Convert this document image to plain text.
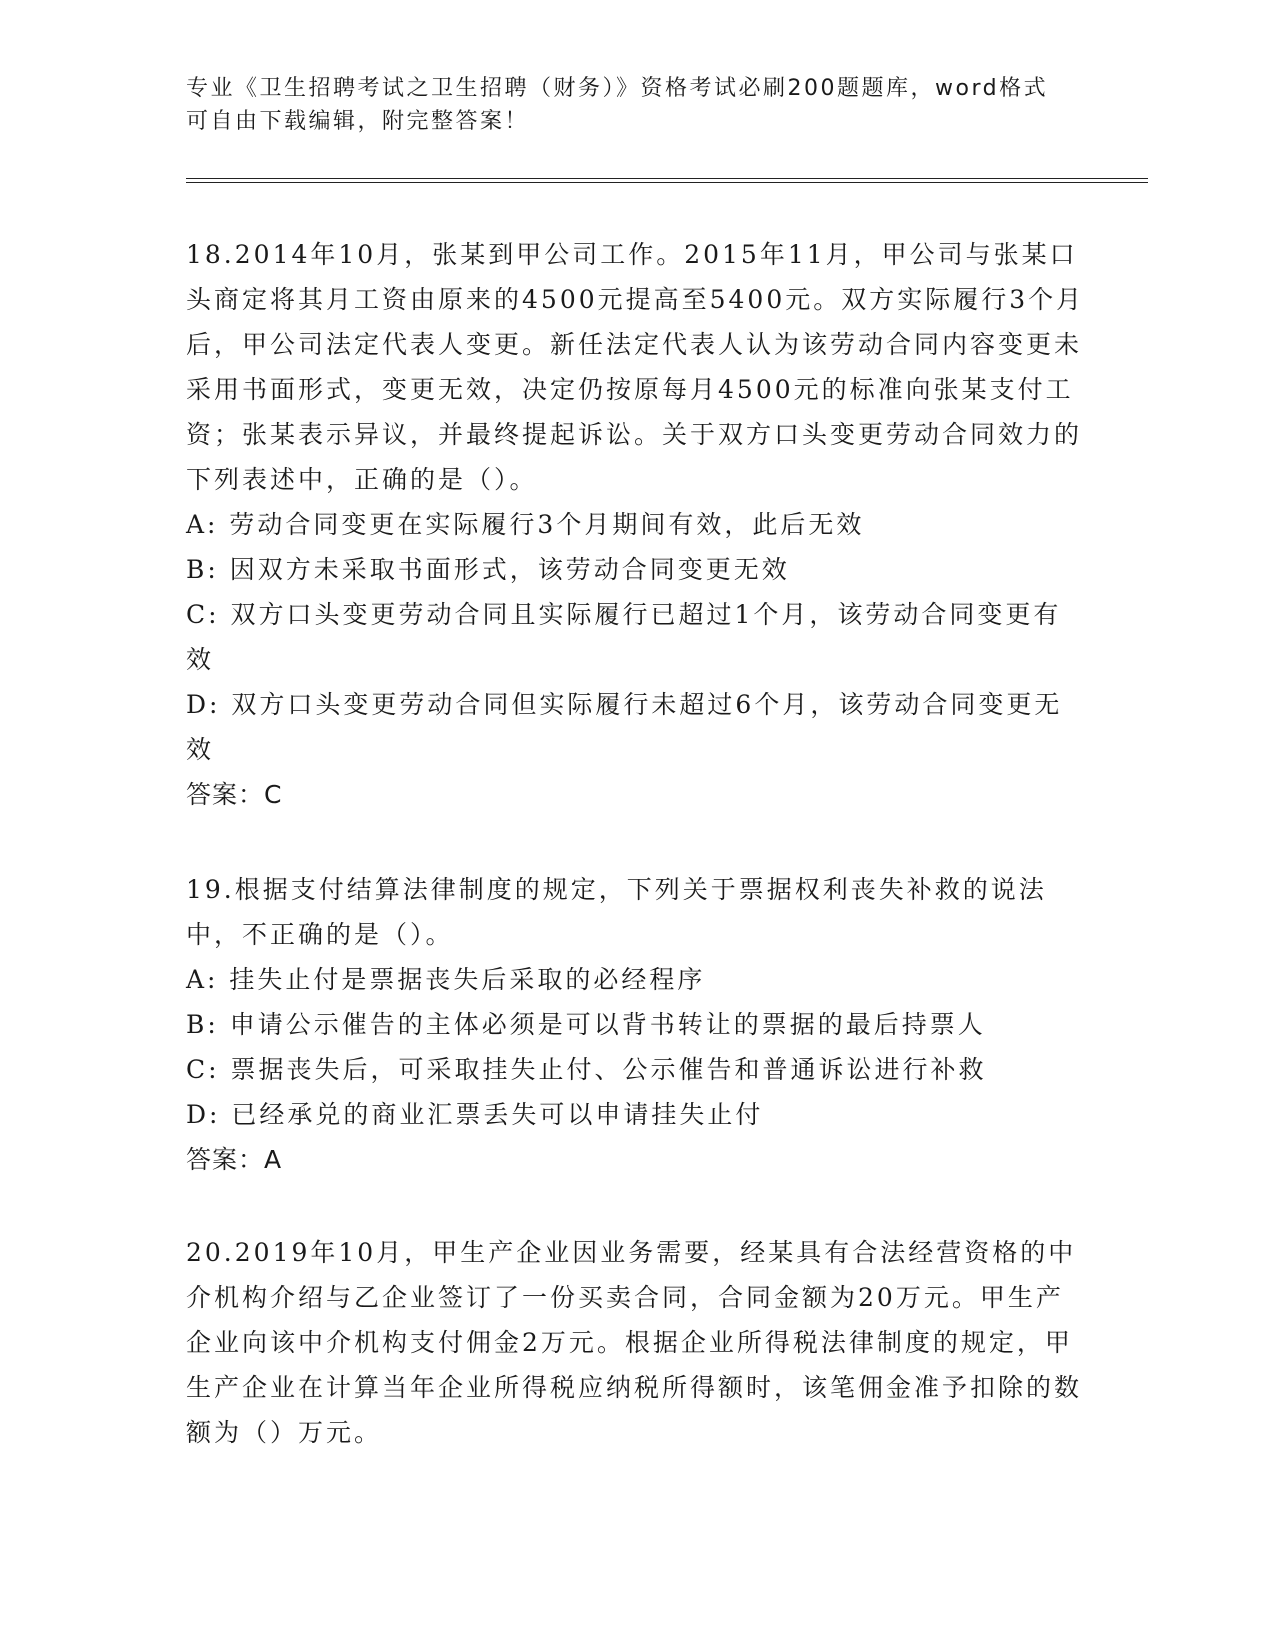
专业《卫生招聘考试之卫生招聘（财务）》资格考试必刷200题题库，word格式可自由下载编辑，附完整答案！
18.2014年10月，张某到甲公司工作。2015年11月，甲公司与张某口头商定将其月工资由原来的4500元提高至5400元。双方实际履行3个月后，甲公司法定代表人变更。新任法定代表人认为该劳动合同内容变更未采用书面形式，变更无效，决定仍按原每月4500元的标准向张某支付工资；张某表示异议，并最终提起诉讼。关于双方口头变更劳动合同效力的下列表述中，正确的是（）。
A: 劳动合同变更在实际履行3个月期间有效，此后无效
B: 因双方未采取书面形式，该劳动合同变更无效
C: 双方口头变更劳动合同且实际履行已超过1个月，该劳动合同变更有效
D: 双方口头变更劳动合同但实际履行未超过6个月，该劳动合同变更无效
答案：C
19.根据支付结算法律制度的规定，下列关于票据权利丧失补救的说法中，不正确的是（）。
A: 挂失止付是票据丧失后采取的必经程序
B: 申请公示催告的主体必须是可以背书转让的票据的最后持票人
C: 票据丧失后，可采取挂失止付、公示催告和普通诉讼进行补救
D: 已经承兑的商业汇票丢失可以申请挂失止付
答案：A
20.2019年10月，甲生产企业因业务需要，经某具有合法经营资格的中介机构介绍与乙企业签订了一份买卖合同，合同金额为20万元。甲生产企业向该中介机构支付佣金2万元。根据企业所得税法律制度的规定，甲生产企业在计算当年企业所得税应纳税所得额时，该笔佣金准予扣除的数额为（）万元。
